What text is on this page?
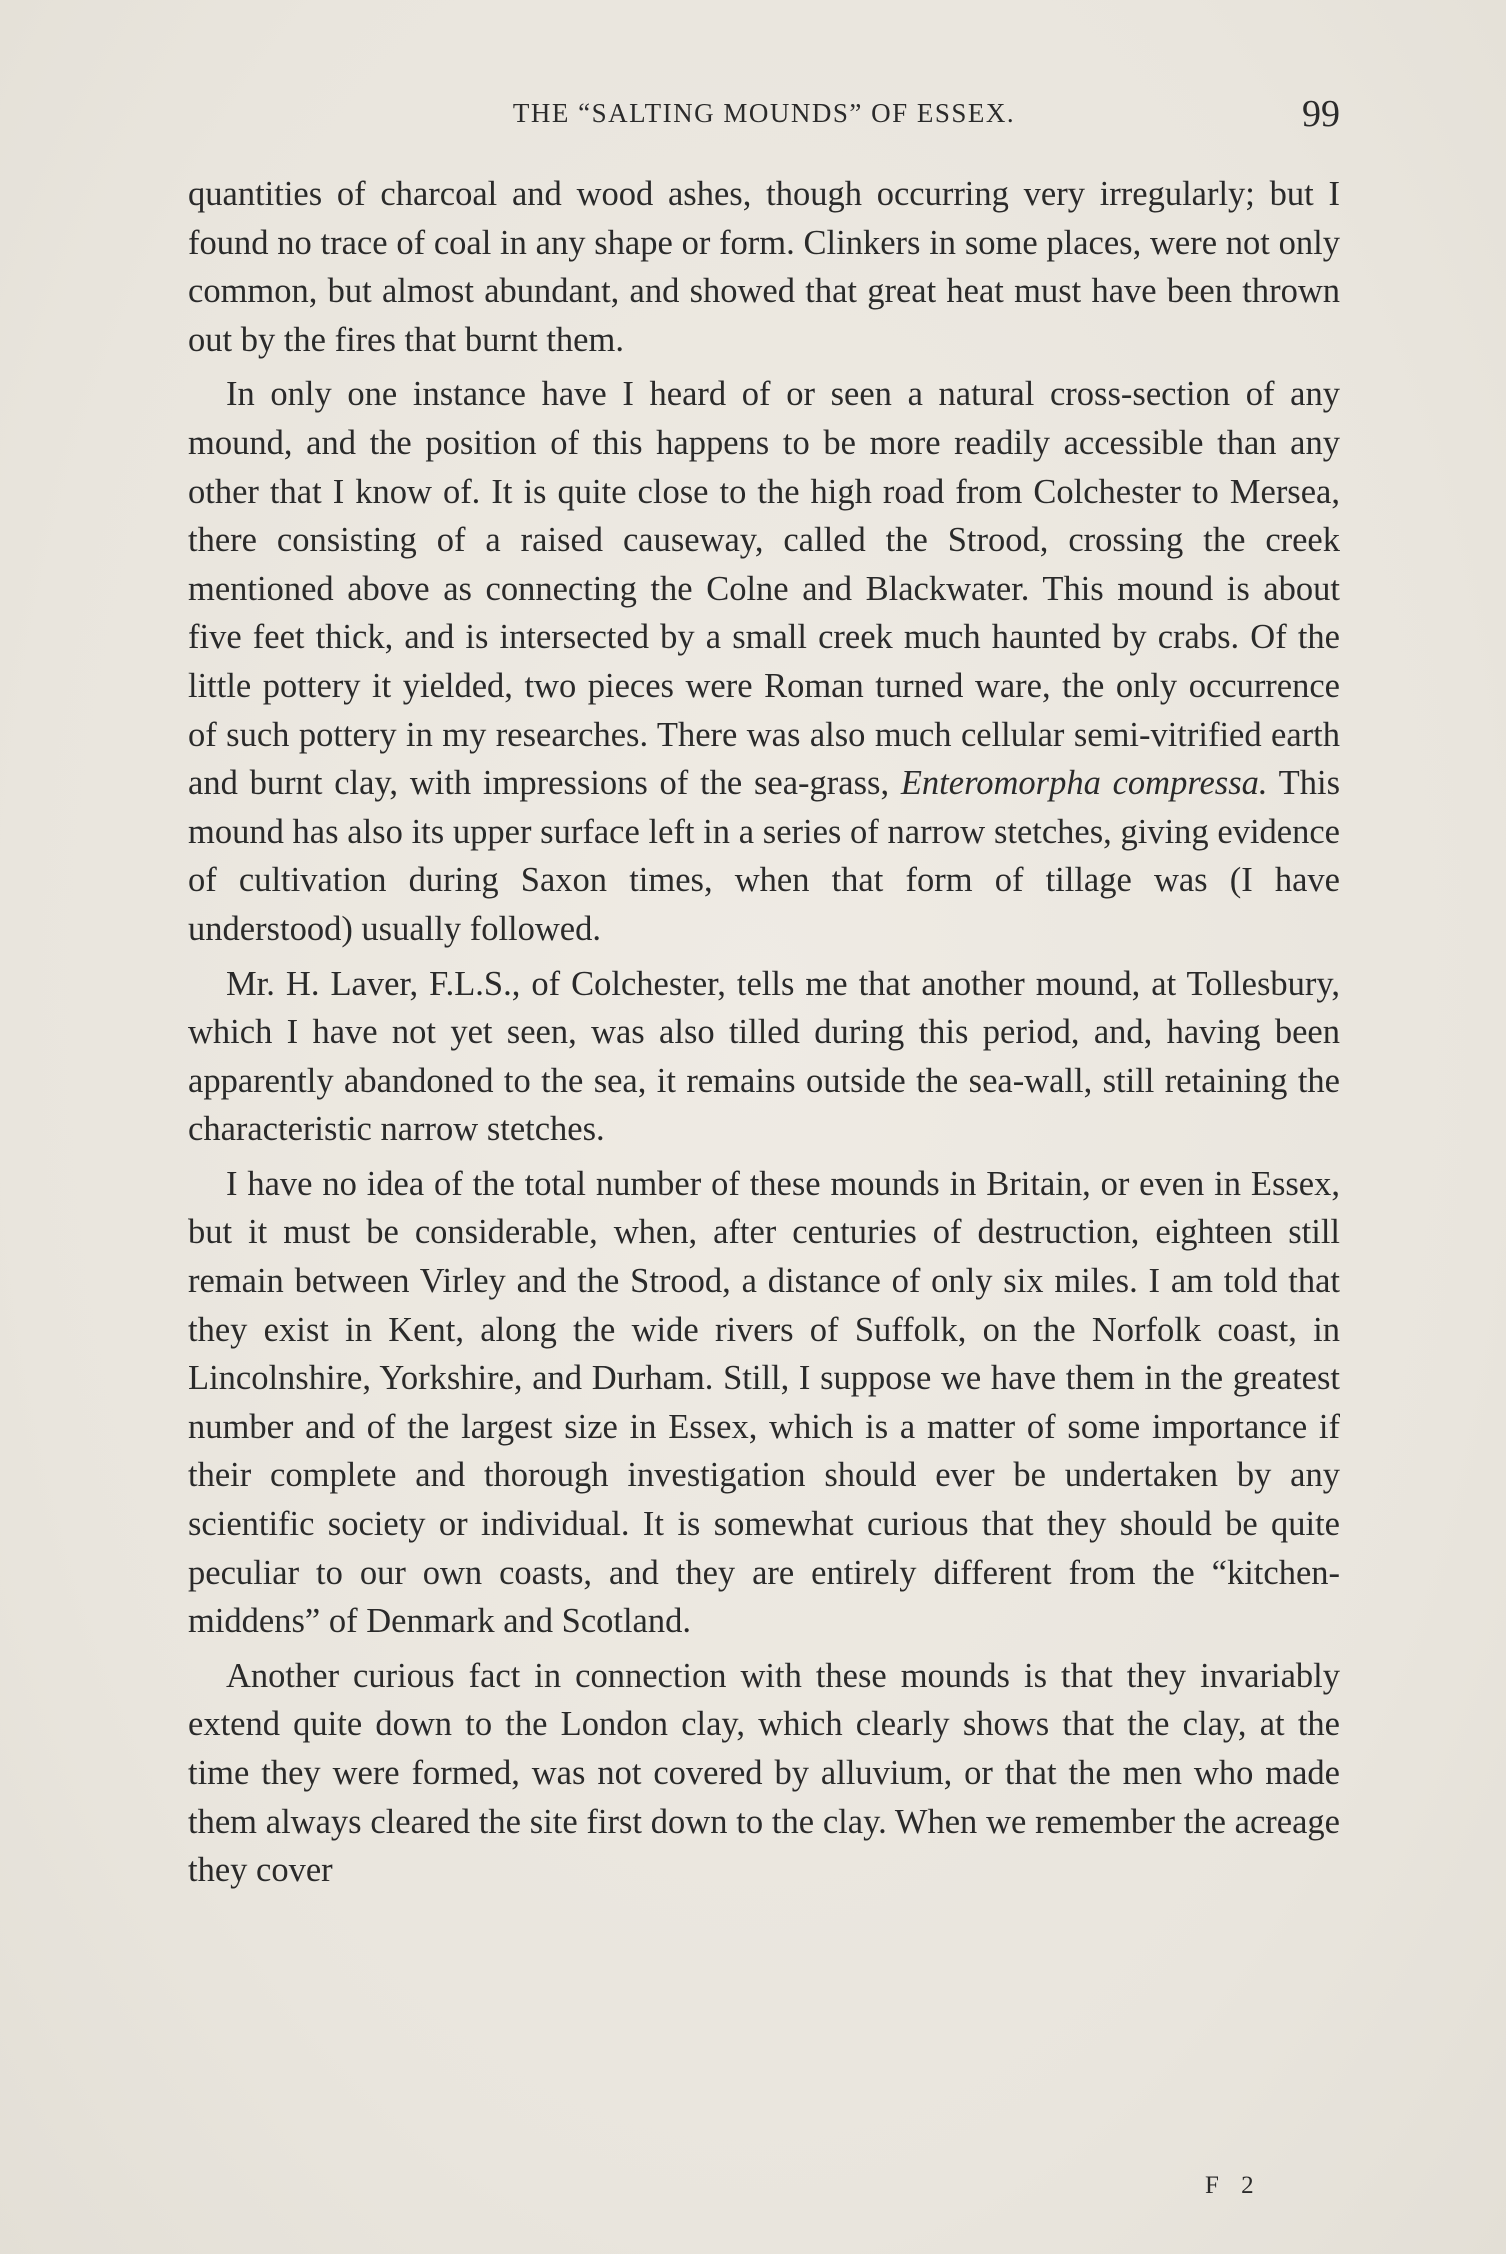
THE “SALTING MOUNDS” OF ESSEX.	99

quantities of charcoal and wood ashes, though occurring very irregularly; but I found no trace of coal in any shape or form. Clinkers in some places, were not only common, but almost abundant, and showed that great heat must have been thrown out by the fires that burnt them.

In only one instance have I heard of or seen a natural cross-section of any mound, and the position of this happens to be more readily accessible than any other that I know of. It is quite close to the high road from Colchester to Mersea, there consisting of a raised causeway, called the Strood, crossing the creek mentioned above as connecting the Colne and Blackwater. This mound is about five feet thick, and is intersected by a small creek much haunted by crabs. Of the little pottery it yielded, two pieces were Roman turned ware, the only occurrence of such pottery in my researches. There was also much cellular semi-vitrified earth and burnt clay, with impressions of the sea-grass, Enteromorpha compressa. This mound has also its upper surface left in a series of narrow stetches, giving evidence of cultivation during Saxon times, when that form of tillage was (I have understood) usually followed.

Mr. H. Laver, F.L.S., of Colchester, tells me that another mound, at Tollesbury, which I have not yet seen, was also tilled during this period, and, having been apparently abandoned to the sea, it remains outside the sea-wall, still retaining the characteristic narrow stetches.

I have no idea of the total number of these mounds in Britain, or even in Essex, but it must be considerable, when, after centuries of destruction, eighteen still remain between Virley and the Strood, a distance of only six miles. I am told that they exist in Kent, along the wide rivers of Suffolk, on the Norfolk coast, in Lincolnshire, Yorkshire, and Durham. Still, I suppose we have them in the greatest number and of the largest size in Essex, which is a matter of some importance if their complete and thorough investigation should ever be undertaken by any scientific society or individual. It is somewhat curious that they should be quite peculiar to our own coasts, and they are entirely different from the “kitchen-middens” of Denmark and Scotland.

Another curious fact in connection with these mounds is that they invariably extend quite down to the London clay, which clearly shows that the clay, at the time they were formed, was not covered by alluvium, or that the men who made them always cleared the site first down to the clay. When we remember the acreage they cover

F 2
